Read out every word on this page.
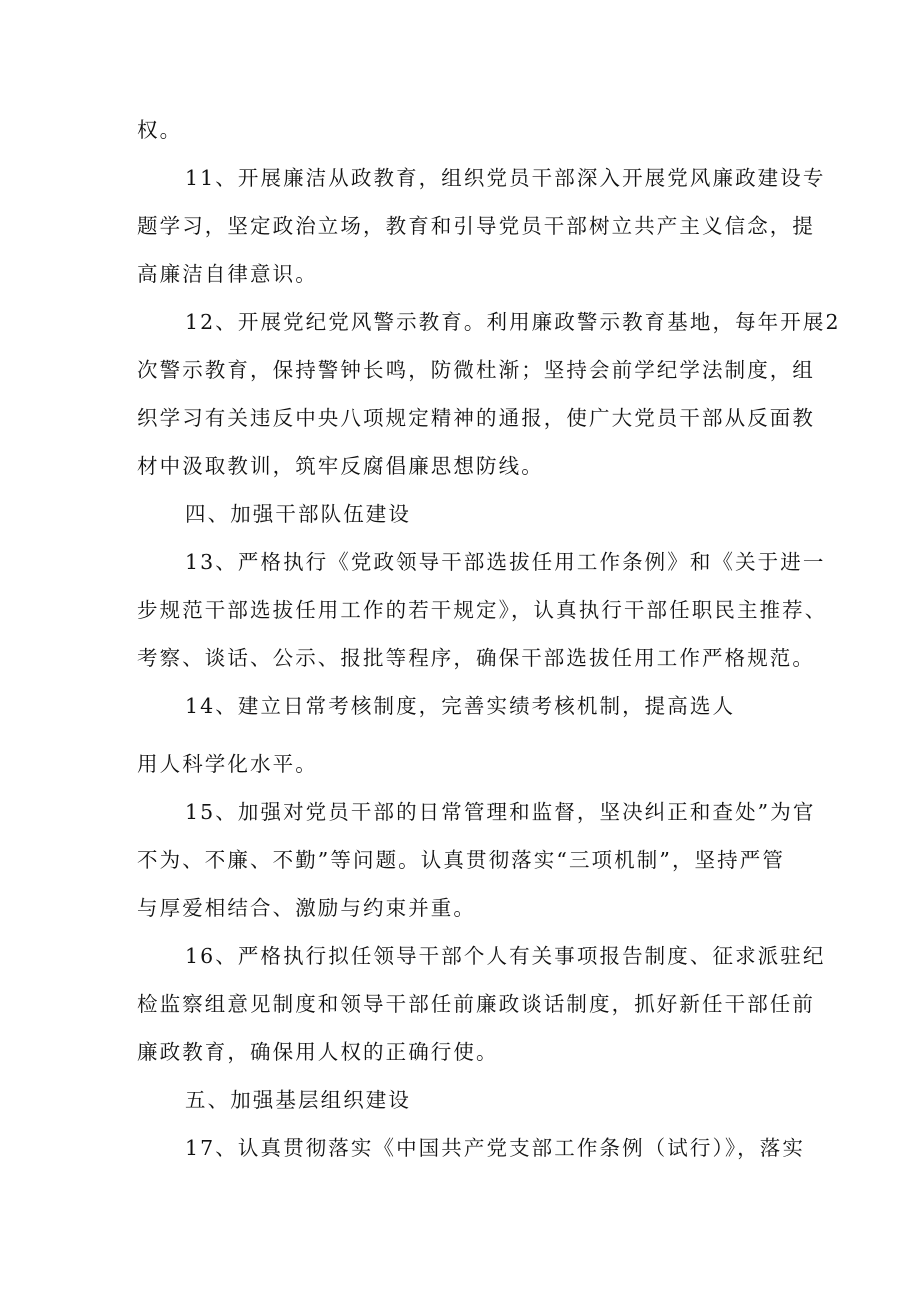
权。
11、开展廉洁从政教育，组织党员干部深入开展党风廉政建设专
题学习，坚定政治立场，教育和引导党员干部树立共产主义信念，提
高廉洁自律意识。
12、开展党纪党风警示教育。利用廉政警示教育基地，每年开展2
次警示教育，保持警钟长鸣，防微杜渐；坚持会前学纪学法制度，组
织学习有关违反中央八项规定精神的通报，使广大党员干部从反面教
材中汲取教训，筑牢反腐倡廉思想防线。
四、加强干部队伍建设
13、严格执行《党政领导干部选拔任用工作条例》和《关于进一
步规范干部选拔任用工作的若干规定》，认真执行干部任职民主推荐、
考察、谈话、公示、报批等程序，确保干部选拔任用工作严格规范。
14、建立日常考核制度，完善实绩考核机制，提高选人
用人科学化水平。
15、加强对党员干部的日常管理和监督，坚决纠正和查处”为官
不为、不廉、不勤”等问题。认真贯彻落实“三项机制”，坚持严管
与厚爱相结合、激励与约束并重。
16、严格执行拟任领导干部个人有关事项报告制度、征求派驻纪
检监察组意见制度和领导干部任前廉政谈话制度，抓好新任干部任前
廉政教育，确保用人权的正确行使。
五、加强基层组织建设
17、认真贯彻落实《中国共产党支部工作条例（试行）》，落实
